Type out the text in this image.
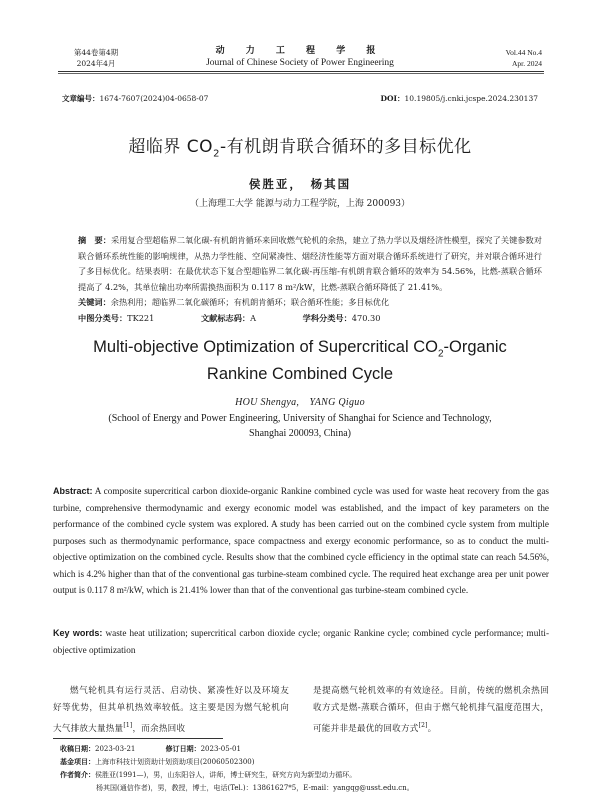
第44卷第4期
2024年4月
动 力 工 程 学 报
Journal of Chinese Society of Power Engineering
Vol.44 No.4
Apr. 2024
文章编号：1674-7607(2024)04-0658-07	DOI：10.19805/j.cnki.jcspe.2024.230137
超临界 $CO_2-$有机朗肯联合循环的多目标优化
侯胜亚，　杨其国
（上海理工大学 能源与动力工程学院，上海 200093）
摘　要：采用复合型超临界二氧化碳-有机朗肯循环来回收燃气轮机的余热，建立了热力学以及烟经济性模型，探究了关键参数对联合循环系统性能的影响规律，从热力学性能、空间紧凑性、烟经济性能等方面对联合循环系统进行了研究，并对联合循环进行了多目标优化。结果表明：在最优状态下复合型超临界二氧化碳-再压缩-有机朗肯联合循环的效率为 54.56%，比燃-蒸联合循环提高了 4.2%，其单位输出功率所需换热面积为 0.117 8 m²/kW，比燃-蒸联合循环降低了 21.41%。
关键词：余热利用；超临界二氧化碳循环；有机朗肯循环；联合循环性能；多目标优化
中图分类号：TK221	文献标志码：A	学科分类号：470.30
Multi-objective Optimization of Supercritical $CO_2$-Organic
Rankine Combined Cycle
HOU Shengya,　YANG Qiguo
(School of Energy and Power Engineering, University of Shanghai for Science and Technology,
Shanghai 200093, China)
Abstract: A composite supercritical carbon dioxide-organic Rankine combined cycle was used for waste heat recovery from the gas turbine, comprehensive thermodynamic and exergy economic model was established, and the impact of key parameters on the performance of the combined cycle system was explored. A study has been carried out on the combined cycle system from multiple purposes such as thermodynamic performance, space compactness and exergy economic performance, so as to conduct the multi-objective optimization on the combined cycle. Results show that the combined cycle efficiency in the optimal state can reach 54.56%, which is 4.2% higher than that of the conventional gas turbine-steam combined cycle. The required heat exchange area per unit power output is 0.117 8 m²/kW, which is 21.41% lower than that of the conventional gas turbine-steam combined cycle.
Key words: waste heat utilization; supercritical carbon dioxide cycle; organic Rankine cycle; combined cycle performance; multi-objective optimization
燃气轮机具有运行灵活、启动快、紧凑性好以及环境友好等优势，但其单机热效率较低。这主要是因为燃气轮机向大气排放大量热量[1]，而余热回收
是提高燃气轮机效率的有效途径。目前，传统的燃机余热回收方式是燃-蒸联合循环，但由于燃气轮机排气温度范围大，可能并非是最优的回收方式[2]。
收稿日期：2023-03-21	修订日期：2023-05-01
基金项目：上海市科技计划资助计划资助项目(20060502300)
作者简介：侯胜亚(1991—)，男，山东阳谷人，讲师，博士研究生，研究方向为新型动力循环。
杨其国(通信作者)，男，教授，博士，电话(Tel.)：13861627*5，E-mail：yangqg@usst.edu.cn。
